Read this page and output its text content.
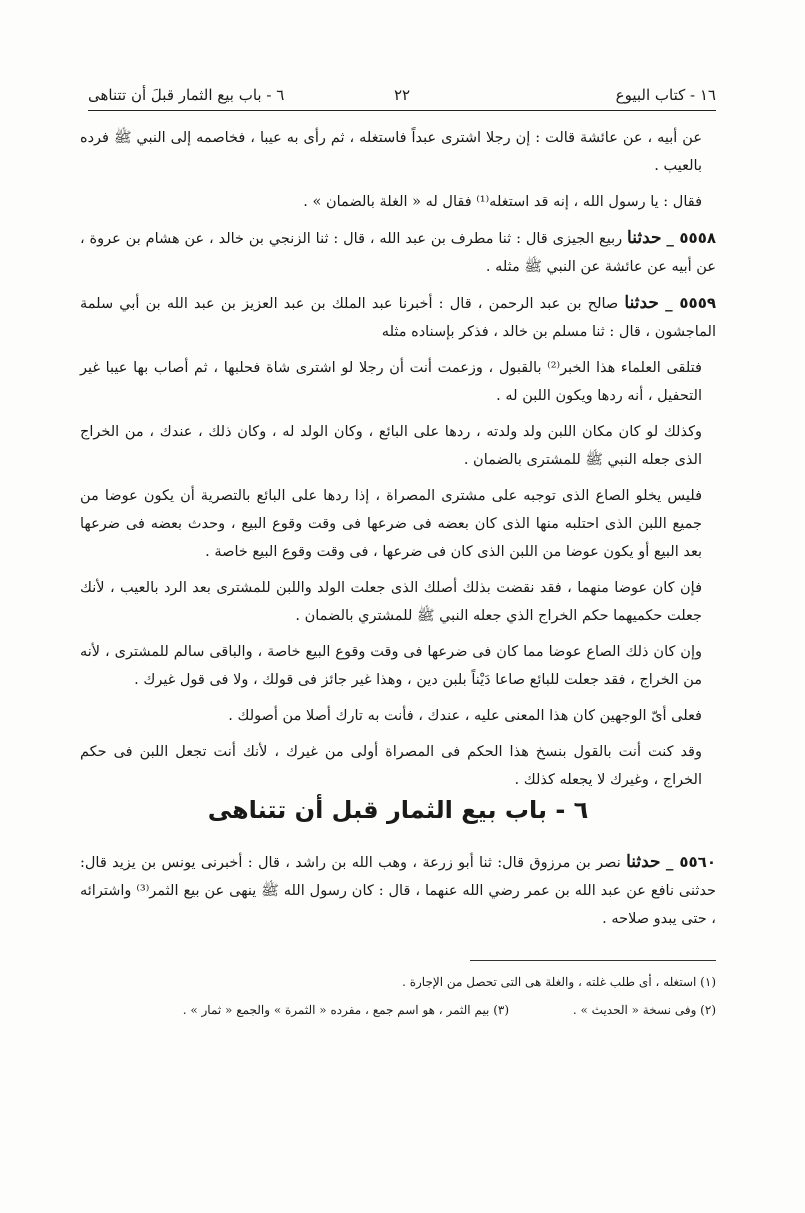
١٦ - كتاب البيوع
٢٢
٦ - باب بيع الثمار قبلَ أن تتناهى

عن أبيه ، عن عائشة قالت : إن رجلا اشترى عبداً فاستغله ، ثم رأى به عيبا ، فخاصمه إلى النبي ﷺ فرده بالعيب .

فقال : يا رسول الله ، إنه قد استغله⁽¹⁾ فقال له « الغلة بالضمان » .

٥٥٥٨ _ حدثنا ربيع الجيزى قال : ثنا مطرف بن عبد الله ، قال : ثنا الزنجي بن خالد ، عن هشام بن عروة ، عن أبيه عن عائشة عن النبي ﷺ مثله .

٥٥٥٩ _ حدثنا صالح بن عبد الرحمن ، قال : أخبرنا عبد الملك بن عبد العزيز بن عبد الله بن أبي سلمة الماجشون ، قال : ثنا مسلم بن خالد ، فذكر بإسناده مثله

فتلقى العلماء هذا الخبر⁽²⁾ بالقبول ، وزعمت أنت أن رجلا لو اشترى شاة فحلبها ، ثم أصاب بها عيبا غير التحفيل ، أنه ردها ويكون اللبن له .

وكذلك لو كان مكان اللبن ولد ولدته ، ردها على البائع ، وكان الولد له ، وكان ذلك ، عندك ، من الخراج الذى جعله النبي ﷺ للمشترى بالضمان .

فليس يخلو الصاع الذى توجبه على مشترى المصراة ، إذا ردها على البائع بالتصرية أن يكون عوضا من جميع اللبن الذى احتلبه منها الذى كان بعضه فى ضرعها فى وقت وقوع البيع ، وحدث بعضه فى ضرعها بعد البيع أو يكون عوضا من اللبن الذى كان فى ضرعها ، فى وقت وقوع البيع خاصة .

فإن كان عوضا منهما ، فقد نقضت بذلك أصلك الذى جعلت الولد واللبن للمشترى بعد الرد بالعيب ، لأنك جعلت حكميهما حكم الخراج الذي جعله النبي ﷺ للمشتري بالضمان .

وإن كان ذلك الصاع عوضا مما كان فى ضرعها فى وقت وقوع البيع خاصة ، والباقى سالم للمشترى ، لأنه من الخراج ، فقد جعلت للبائع صاعا دَيْناً بلبن دين ، وهذا غير جائز فى قولك ، ولا فى قول غيرك .

فعلى أىّ الوجهين كان هذا المعنى عليه ، عندك ، فأنت به تارك أصلا من أصولك .

وقد كنت أنت بالقول بنسخ هذا الحكم فى المصراة أولى من غيرك ، لأنك أنت تجعل اللبن فى حكم الخراج ، وغيرك لا يجعله كذلك .

٦ - باب بيع الثمار قبل أن تتناهى

٥٥٦٠ _ حدثنا نصر بن مرزوق قال: ثنا أبو زرعة ، وهب الله بن راشد ، قال : أخبرنى يونس بن يزيد قال: حدثنى نافع عن عبد الله بن عمر رضي الله عنهما ، قال : كان رسول الله ﷺ ينهى عن بيع الثمر⁽³⁾ واشترائه ، حتى يبدو صلاحه .

(١) استغله ، أى طلب غلته ، والغلة هى التى تحصل من الإجارة .
(٢) وفى نسخة « الحديث » . (٣) بيم الثمر ، هو اسم جمع ، مفرده « الثمرة » والجمع « ثمار » .
